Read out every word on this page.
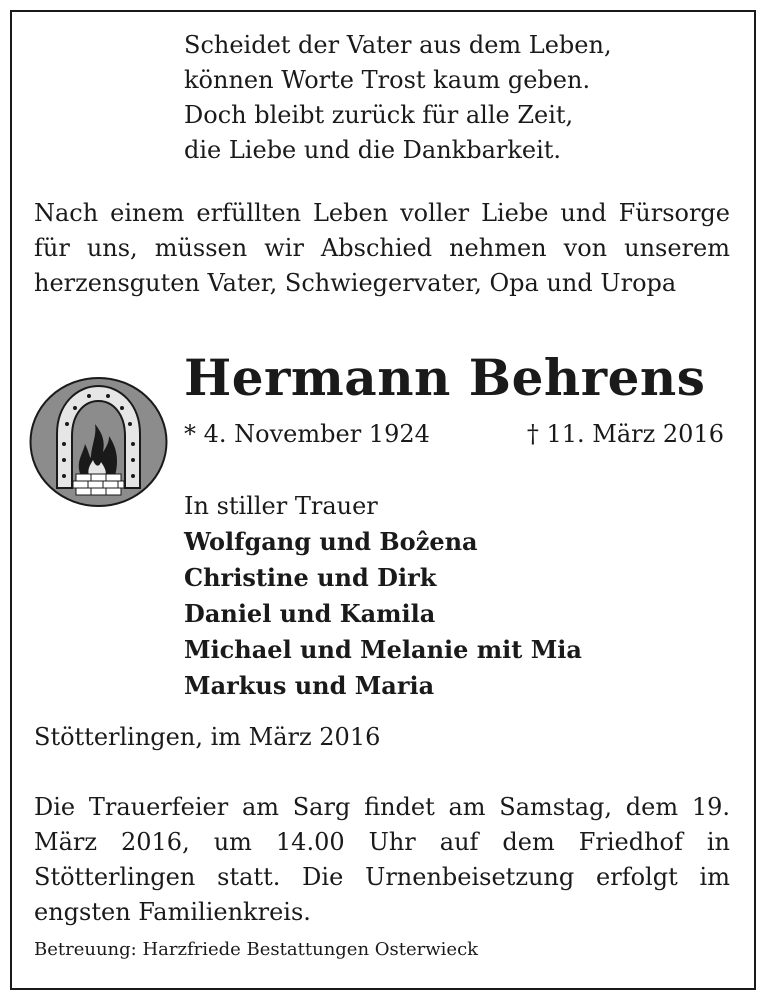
Scheidet der Vater aus dem Leben,
können Worte Trost kaum geben.
Doch bleibt zurück für alle Zeit,
die Liebe und die Dankbarkeit.
Nach einem erfüllten Leben voller Liebe und Fürsorge für uns, müssen wir Abschied nehmen von unserem herzensguten Vater, Schwiegervater, Opa und Uropa
Hermann Behrens
* 4. November 1924	† 11. März 2016
In stiller Trauer
Wolfgang und Boẑena
Christine und Dirk
Daniel und Kamila
Michael und Melanie mit Mia
Markus und Maria
Stötterlingen, im März 2016
Die Trauerfeier am Sarg findet am Samstag, dem 19. März 2016, um 14.00 Uhr auf dem Friedhof in Stötterlingen statt. Die Urnenbeisetzung erfolgt im engsten Familienkreis.
Betreuung: Harzfriede Bestattungen Osterwieck
